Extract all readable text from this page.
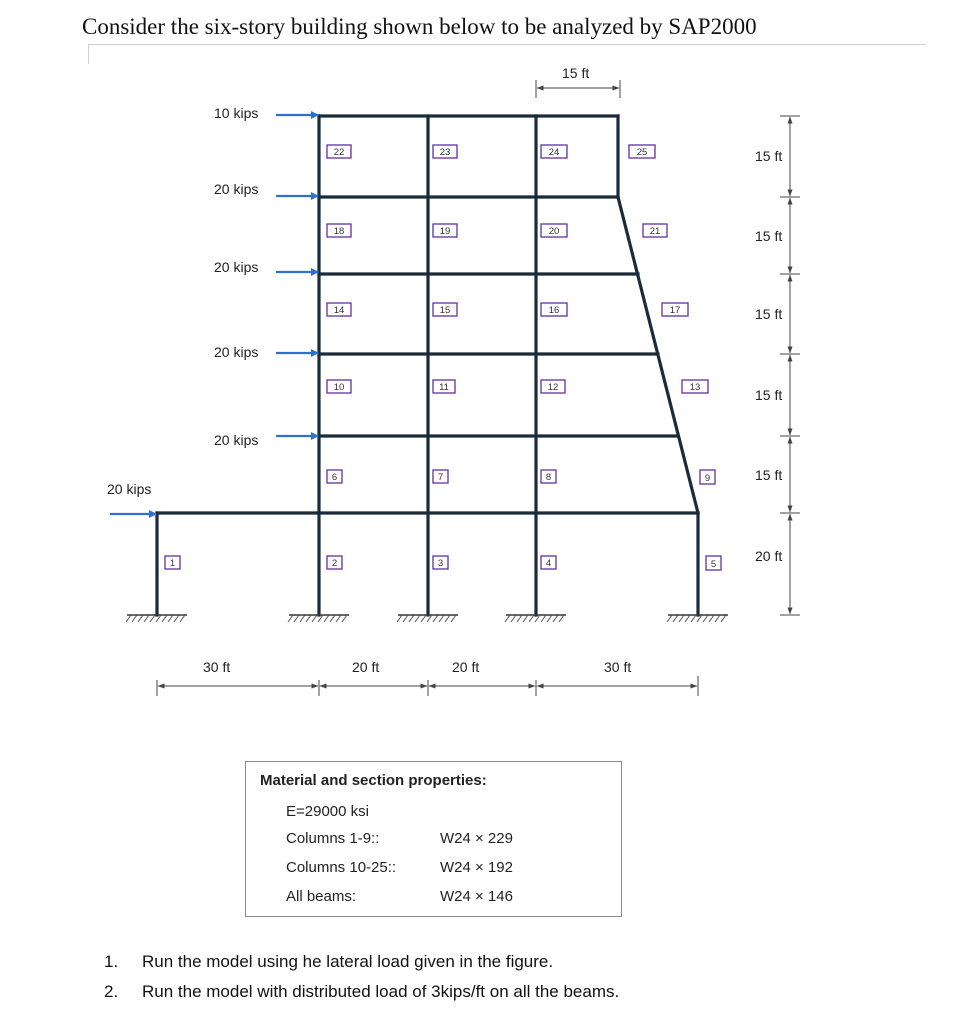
Consider the six-story building shown below to be analyzed by SAP2000
10 kips
20 kips
20 kips
20 kips
20 kips
20 kips
1	2	3	4	5
6	7	8	9
10	11	12	13
14	15	16	17
18	19	20	21
22	23	24	25
15 ft
30 ft	20 ft	20 ft	30 ft
15 ft
15 ft
15 ft
15 ft
15 ft
20 ft
Material and section properties:
E=29000 ksi
Columns 1-9::	W24 × 229
Columns 10-25::	W24 × 192
All beams:	W24 × 146
1.	Run the model using he lateral load given in the figure.
2.	Run the model with distributed load of 3kips/ft on all the beams.
